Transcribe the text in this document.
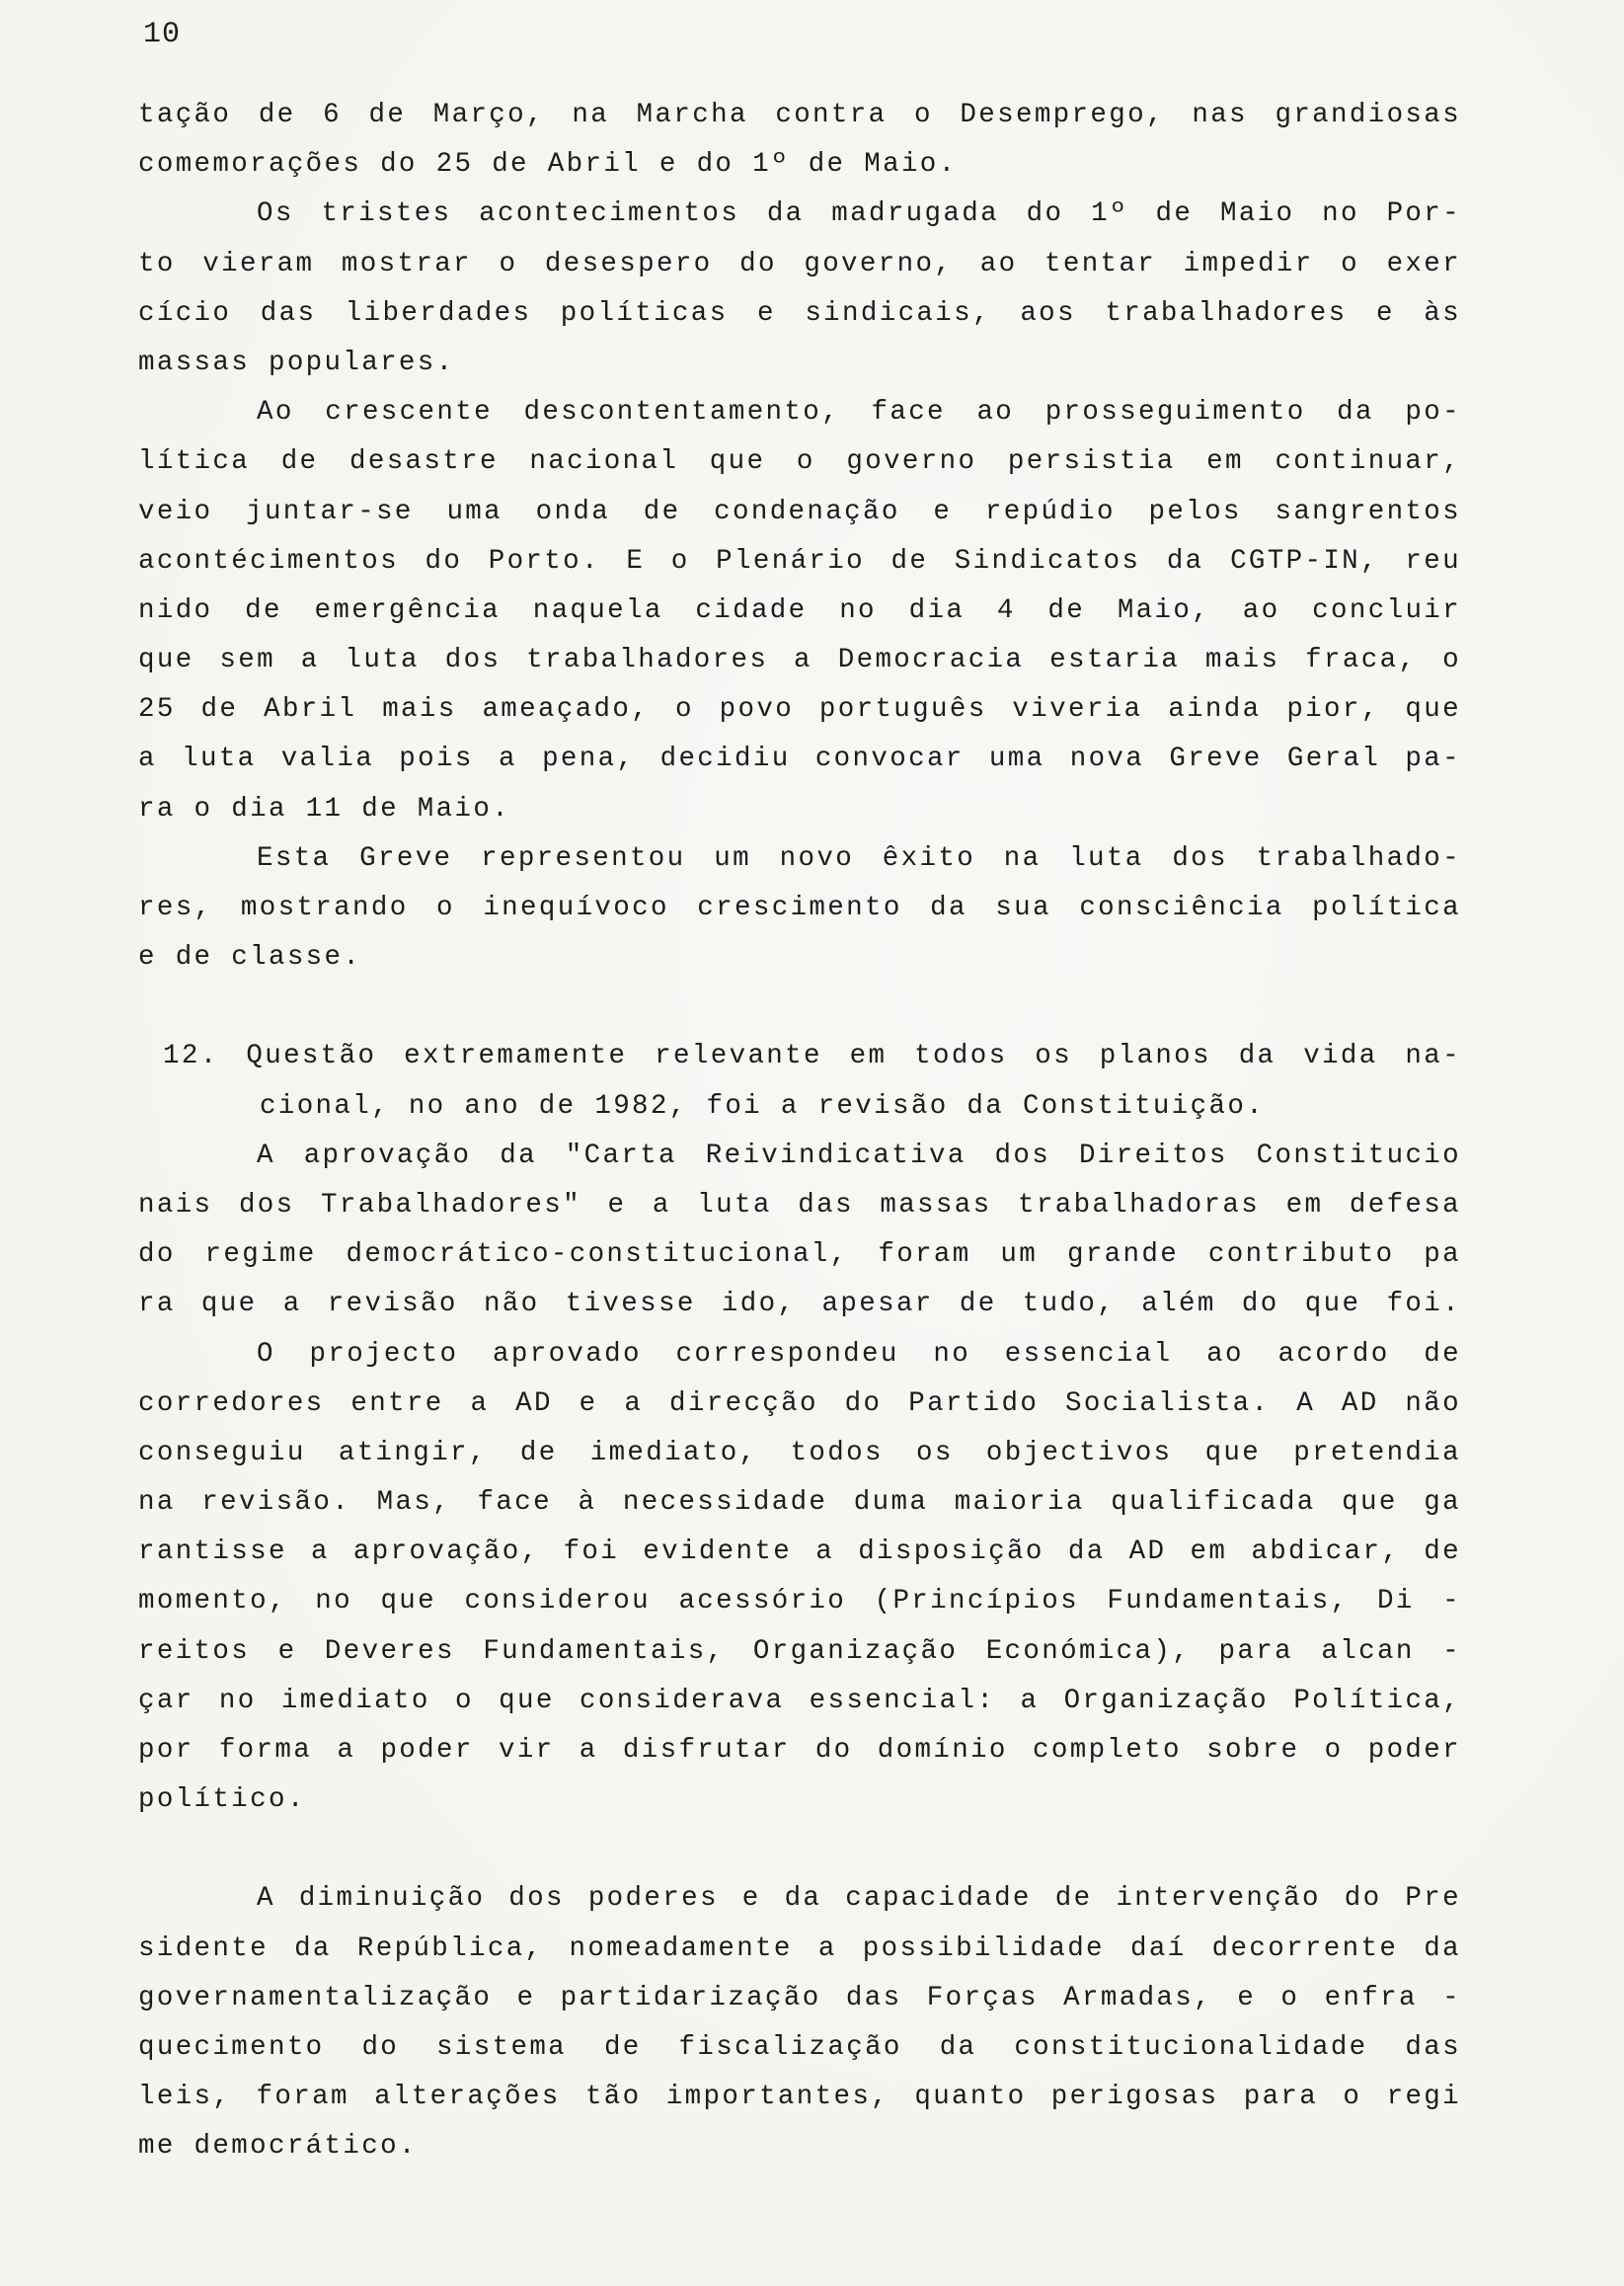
10
tação de 6 de Março, na Marcha contra o Desemprego, nas grandiosas
comemorações do 25 de Abril e do 1º de Maio.
Os tristes acontecimentos da madrugada do 1º de Maio no Por-
to vieram mostrar o desespero do governo, ao tentar impedir o exer
cício das liberdades políticas e sindicais, aos trabalhadores e às
massas populares.
Ao crescente descontentamento, face ao prosseguimento da po-
lítica de desastre nacional que o governo persistia em continuar,
veio juntar-se uma onda de condenação e repúdio pelos sangrentos
acontécimentos do Porto. E o Plenário de Sindicatos da CGTP-IN, reu
nido de emergência naquela cidade no dia 4 de Maio, ao concluir
que sem a luta dos trabalhadores a Democracia estaria mais fraca, o
25 de Abril mais ameaçado, o povo português viveria ainda pior, que
a luta valia pois a pena, decidiu convocar uma nova Greve Geral pa-
ra o dia 11 de Maio.
Esta Greve representou um novo êxito na luta dos trabalhado-
res, mostrando o inequívoco crescimento da sua consciência política
e de classe.
12. Questão extremamente relevante em todos os planos da vida na-
cional, no ano de 1982, foi a revisão da Constituição.
A aprovação da "Carta Reivindicativa dos Direitos Constitucio
nais dos Trabalhadores" e a luta das massas trabalhadoras em defesa
do regime democrático-constitucional, foram um grande contributo pa
ra que a revisão não tivesse ido, apesar de tudo, além do que foi.
O projecto aprovado correspondeu no essencial ao acordo de
corredores entre a AD e a direcção do Partido Socialista. A AD não
conseguiu atingir, de imediato, todos os objectivos que pretendia
na revisão. Mas, face à necessidade duma maioria qualificada que ga
rantisse a aprovação, foi evidente a disposição da AD em abdicar, de
momento, no que considerou acessório (Princípios Fundamentais, Di -
reitos e Deveres Fundamentais, Organização Económica), para alcan -
çar no imediato o que considerava essencial: a Organização Política,
por forma a poder vir a disfrutar do domínio completo sobre o poder
político.
A diminuição dos poderes e da capacidade de intervenção do Pre
sidente da República, nomeadamente a possibilidade daí decorrente da
governamentalização e partidarização das Forças Armadas, e o enfra -
quecimento do sistema de fiscalização da constitucionalidade das
leis, foram alterações tão importantes, quanto perigosas para o regi
me democrático.
